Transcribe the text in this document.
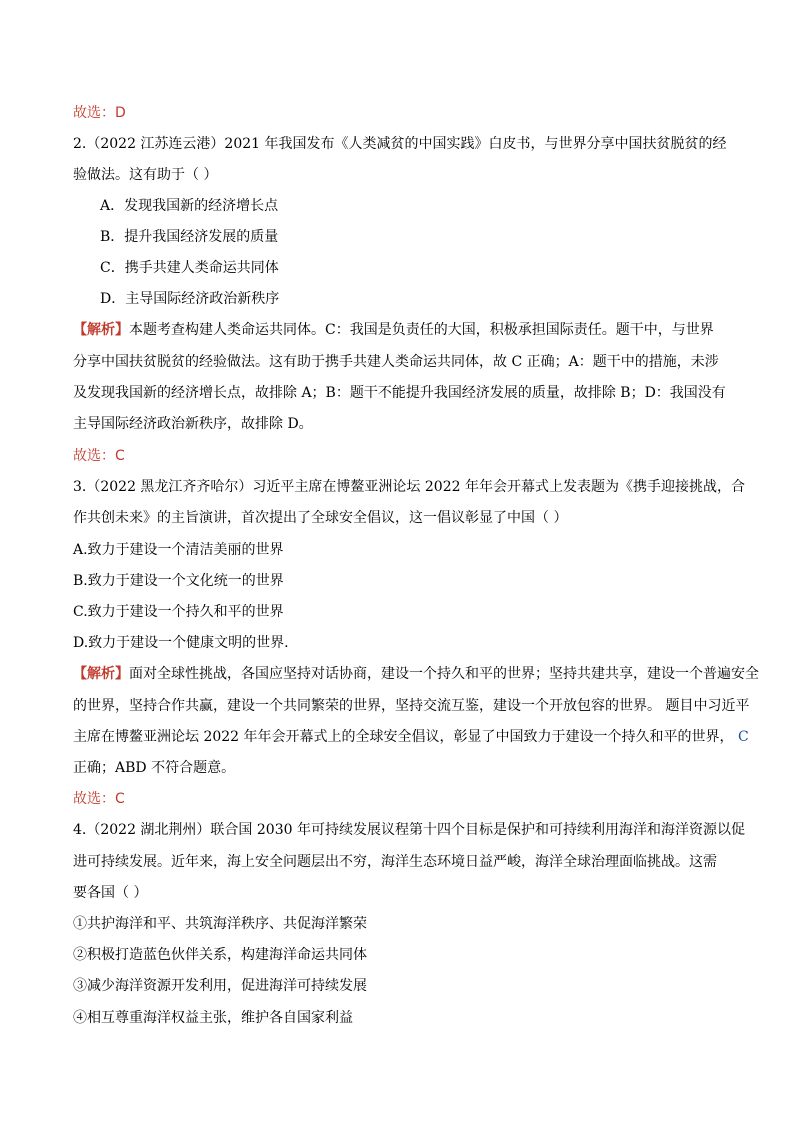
故选：D
2.（2022 江苏连云港）2021 年我国发布《人类减贫的中国实践》白皮书，与世界分享中国扶贫脱贫的经
验做法。这有助于（ ）
A．发现我国新的经济增长点
B．提升我国经济发展的质量
C．携手共建人类命运共同体
D．主导国际经济政治新秩序
【解析】本题考查构建人类命运共同体。C：我国是负责任的大国，积极承担国际责任。题干中，与世界
分享中国扶贫脱贫的经验做法。这有助于携手共建人类命运共同体，故 C 正确；A：题干中的措施，未涉
及发现我国新的经济增长点，故排除 A；B：题干不能提升我国经济发展的质量，故排除 B；D：我国没有
主导国际经济政治新秩序，故排除 D。
故选：C
3.（2022 黑龙江齐齐哈尔）习近平主席在博鳌亚洲论坛 2022 年年会开幕式上发表题为《携手迎接挑战，合
作共创未来》的主旨演讲，首次提出了全球安全倡议，这一倡议彰显了中国（ ）
A.致力于建设一个清洁美丽的世界
B.致力于建设一个文化统一的世界
C.致力于建设一个持久和平的世界
D.致力于建设一个健康文明的世界.
【解析】面对全球性挑战，各国应坚持对话协商，建设一个持久和平的世界；坚持共建共享，建设一个普遍安全
的世界，坚持合作共赢，建设一个共同繁荣的世界，坚持交流互鉴，建设一个开放包容的世界。 题目中习近平
主席在博鳌亚洲论坛 2022 年年会开幕式上的全球安全倡议，彰显了中国致力于建设一个持久和平的世界， C
正确；ABD 不符合题意。
故选：C
4.（2022 湖北荆州）联合国 2030 年可持续发展议程第十四个目标是保护和可持续利用海洋和海洋资源以促
进可持续发展。近年来，海上安全问题层出不穷，海洋生态环境日益严峻，海洋全球治理面临挑战。这需
要各国（ ）
①共护海洋和平、共筑海洋秩序、共促海洋繁荣
②积极打造蓝色伙伴关系，构建海洋命运共同体
③减少海洋资源开发利用，促进海洋可持续发展
④相互尊重海洋权益主张，维护各自国家利益
